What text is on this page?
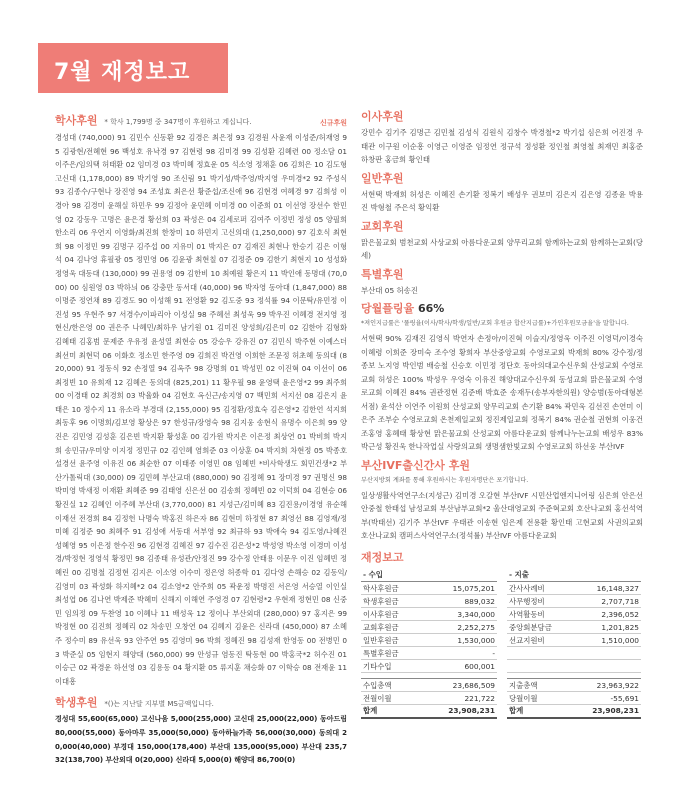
7월 재정보고
학사후원 * 학사 1,799명 중 347명이 후원하고 계십니다.	신규후원

경성대 (740,000) 91 김민수 신동환 92 김경은 최은정 93 김경원 사윤재 이성준/허재영 95 김광현/전혜현 96 백성호 유낙경 97 김현령 98 김미경 99 김성환 김혜련 00 정소담 01 이주은/임의택 허태환 02 임미경 03 박미혜 정효운 05 석소영 정채훈 06 김희은 10 김도형 고신대 (1,178,000) 89 박기영 90 조신림 91 박기성/박주영/박지영 우미경*2 92 주성식 93 김종수/구현나 장진영 94 조성효 최은선 황준섭/조신애 96 김현경 여혜경 97 김희성 이경아 98 김경미 윤해실 하민우 99 김정아 윤민혜 이미경 00 이준희 01 이선영 장선수 한민영 02 강동우 고명은 윤은경 황선희 03 곽성은 04 김세로퍼 김여주 이정빈 정성 05 양필희 한소리 06 우연지 이영화/최진희 한창미 10 하민지 고신의대 (1,250,000) 97 김호식 최현희 98 이정민 99 김명구 김주섭 00 지유미 01 박지은 07 김재진 최현나 한승기 김은 이형석 04 김나영 휴필광 05 정민영 06 김윤광 최현칠 07 김정준 09 김한기 최현지 10 성성화 정영욱 대동대 (130,000) 99 권용영 09 김한비 10 최예원 황은지 11 박인애 동명대 (70,000) 00 심원영 03 박하늬 06 강충만 동서대 (40,000) 96 박자영 동아대 (1,847,000) 88 이명준 정연채 89 김경도 90 이성해 91 전영환 92 김도중 93 정석률 94 이문탁/유민정 이진성 95 우현주 97 서경수/이파리아 이성실 98 주혜선 최성욱 99 박우진 이혜경 전지영 정현신/한은영 00 권은주 나혜민/최하우 남기원 01 김미진 양성희/김은미 02 김한아 김형화 김혜태 김홍범 문제준 우유정 윤성열 최현승 05 강승우 강유진 07 김민식 박주현 이예스더 최선미 최현덕 06 이화호 정소민 한주영 09 김희진 박건영 이희한 조문정 허초혜 동의대 (820,000) 91 정동식 92 손정열 94 김옥주 98 강명희 01 박성민 02 이진혁 04 이선이 06 최정빈 10 유희재 12 김혜은 동의대 (825,201) 11 황우필 98 윤영택 윤은영*2 99 최주희 00 이경태 02 최경희 03 박율화 04 김현호 옥신근/송지영 07 백민희 서지선 08 김은지 윤태은 10 정수지 11 유소라 부경대 (2,155,000) 95 김정환/정효숙 김은영*2 김한언 석지희 최동후 96 이명희/김보영 황상은 97 한성규/장영숙 98 김지웅 송현식 유명수 이은희 99 양진은 김민영 김성훈 김은빈 박지환 황성훈 00 김가윈 박지은 이은정 최상연 01 박비희 박지희 송민규/우미양 이지정 정민규 02 김인혜 염희준 03 이상훈 04 박지희 차현정 05 박종호 설경선 윤주영 이유진 06 최순한 07 이태종 이영민 08 임혜빈 *비사학생도 회민건생*2 부산가톨릭대 (30,000) 09 김민혜 부산교대 (880,000) 90 김정혜 91 장미경 97 권명신 98 박미영 박새정 이재환 최혜준 99 김태영 신은선 00 김송희 정혜빈 02 이덕희 04 김현승 06 황진실 12 김혜인 이주혜 부산대 (3,770,000) 81 지성근/김미혜 83 김진용/이경영 유순해 이재선 전경희 84 김정헌 나명숙 박홍진 하은자 86 김현미 하정현 87 최영선 88 김영재/정미혜 김정준 90 최혜주 91 김성애 서동대 서부영 92 최규하 93 박애숙 94 김도영/나혜진 성혜영 95 이은정 한수진 96 김현경 김혜진 97 김수진 김은성*2 박성영 박소영 이경미 이성경/박정현 정영석 황정민 98 김종태 유성관/안정진 99 강수정 안태용 이문우 이진 임혜빈 정혜린 00 김명철 김정현 김지은 이소영 이수미 정은영 허종학 01 김다영 손해승 02 김동익/김영미 03 곽성화 하지혜*2 04 김소영*2 안주희 05 곽운정 박명진 서은영 서승열 이인실 최성엽 06 김나연 박제준 박혜미 신해지 이해연 주영경 07 김현령*2 우현재 정현민 08 신중민 임의정 09 두찬영 10 이혜나 11 배성욱 12 정이나 부산외대 (280,000) 97 홍지은 99 박정현 00 김진희 정혜리 02 차송민 오창연 04 김혜지 김윤은 신라대 (450,000) 87 소혜주 정수미 89 유선욱 93 안주연 95 김영미 96 박희 정혜진 98 김성재 한영동 00 전병민 03 박준실 05 임현지 해양대 (560,000) 99 안성규 염동진 탁동현 00 박홍국*2 허수진 01 이승근 02 곽경운 하선영 03 김용동 04 황지환 05 류지훈 채승화 07 이학승 08 전재윤 11 이대흥

학생후원 *()는 지난달 지부별 MS금액입니다.

경성대 55,600(65,000) 고신나움 5,000(255,000) 고신대 25,000(22,000) 동아드림 80,000(55,000) 동아마루 35,000(50,000) 동아하늘가족 56,000(30,000) 동의대 20,000(40,000) 부경대 150,000(178,400) 부산대 135,000(95,000) 부산대 235,732(138,700) 부산외대 0(20,000) 신라대 5,000(0) 해양대 86,700(0)

이사후원

강민수 김기주 김명근 김민철 김성식 김원식 김창수 박경철*2 박기섭 심은희 어진경 우태관 이구원 이순흥 이영근 이영준 임정연 정규석 정성환 정인철 최영철 최재민 최홍준 하창판 홍금희 황인태

일반후원

서현택 박재희 허성은 이혜진 손기환 정복기 배성우 권보미 김은지 김은영 김종윤 박용진 박형철 주은석 황익환

교회후원

맑은물교회 범천교회 사상교회 아름다운교회 양무리교회 함께하는교회 함께하는교회(당세)

특별후원

부산대 05 허송진

당월플링율 66%

*져인지급률은 '풀링율(이사/학사/학생/일반/교회 후원금 합산지급률)+가인후원모금율'을 말합니다.

서현택 90% 김재진 김영식 박연자 손정아/이진혁 이슬지/정영욱 이주진 이영덕/이경숙 이혜령 이희준 장미숙 조수영 황희자 부산중앙교회 수영로교회 박재희 80% 강수정/정종보 노지영 박인범 배승철 신승호 이민정 정단호 동아의대교수신우회 산성교회 수영로교회 허성은 100% 박성우 우영숙 이유진 해양대교수신우회 동성교회 맑은물교회 수영로교회 이혜진 84% 권관정현 김준배 박효준 송재두(송부자한의원) 양승범(동아대형본서점) 윤석산 이연주 이원희 산성교회 양무리교회 손기환 84% 곽민욱 김선진 손연미 이은주 조부순 수영로교회 온천제일교회 정진제일교회 정복기 84% 권순철 권현희 이웅건 조홍영 홍혜태 황상현 맑은물교회 산성교회 아름다운교회 함께나누는교회 배성우 83% 박근성 황진욱 한나작업실 사랑의교회 생명샘한빛교회 수영로교회 하선웅 부산IVF

부산IVF출신간사 후원

부산지방회 계좌를 통해 후원하시는 후원자명단은 포기합니다.

일상생활사역연구소(지성근) 김미경 오갈현 부산IVF 시민산업엔지니어링 심은희 안은선 안중철 한태섭 남성교회 부산남부교회*2 울산대영교회 주준혁교회 호산나교회 홍선석역부(박태선) 김기주 부산IVF 우태관 이송현 임은제 전용환 황인태 고현교회 사권의교회 호산나교회 캠퍼스사역연구소(정석률) 부산IVF 아름다운교회

재정보고
- 수입	
학사후원금	15,075,201
학생후원금	889,032
이사후원금	3,340,000
교회후원금	2,252,275
일반후원금	1,530,000
특별후원금	-
기타수입	600,001

수입총액	23,686,509
전월이월	221,722
합계	23,908,231
- 지출	
간사사례비	16,148,327
사무행정비	2,707,718
사역활동비	2,396,052
중앙회분담금	1,201,825
선교지원비	1,510,000

지출총액	23,963,922
당월이월	-55,691
합계	23,908,231
